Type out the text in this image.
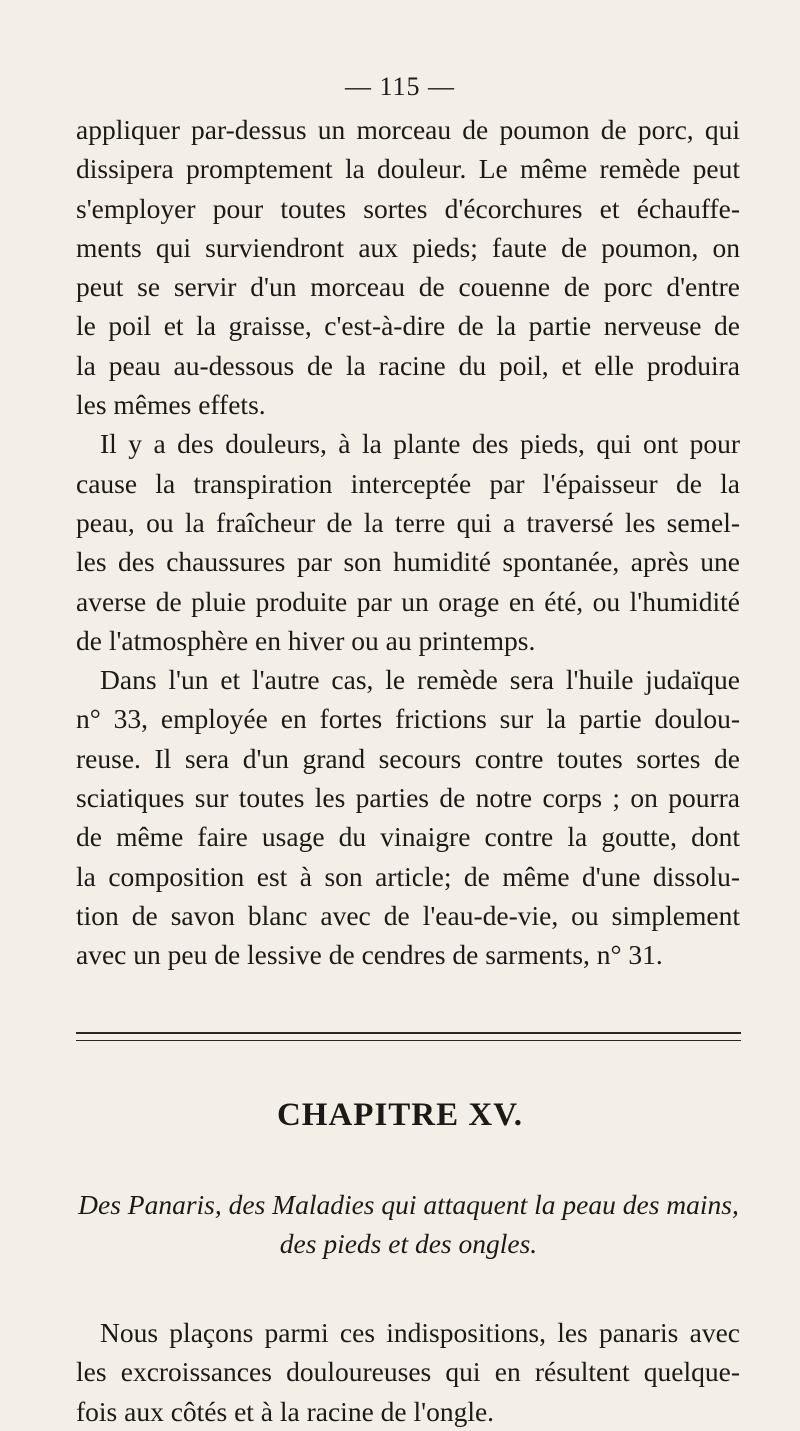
— 115 —
appliquer par-dessus un morceau de poumon de porc, qui
dissipera promptement la douleur. Le même remède peut
s'employer pour toutes sortes d'écorchures et échauffe-
ments qui surviendront aux pieds; faute de poumon, on
peut se servir d'un morceau de couenne de porc d'entre
le poil et la graisse, c'est-à-dire de la partie nerveuse de
la peau au-dessous de la racine du poil, et elle produira
les mêmes effets.
Il y a des douleurs, à la plante des pieds, qui ont pour
cause la transpiration interceptée par l'épaisseur de la
peau, ou la fraîcheur de la terre qui a traversé les semel-
les des chaussures par son humidité spontanée, après une
averse de pluie produite par un orage en été, ou l'humidité
de l'atmosphère en hiver ou au printemps.
Dans l'un et l'autre cas, le remède sera l'huile judaïque
n° 33, employée en fortes frictions sur la partie doulou-
reuse. Il sera d'un grand secours contre toutes sortes de
sciatiques sur toutes les parties de notre corps ; on pourra
de même faire usage du vinaigre contre la goutte, dont
la composition est à son article; de même d'une dissolu-
tion de savon blanc avec de l'eau-de-vie, ou simplement
avec un peu de lessive de cendres de sarments, n° 31.
CHAPITRE XV.
Des Panaris, des Maladies qui attaquent la peau des mains,
des pieds et des ongles.
Nous plaçons parmi ces indispositions, les panaris avec
les excroissances douloureuses qui en résultent quelque-
fois aux côtés et à la racine de l'ongle.
